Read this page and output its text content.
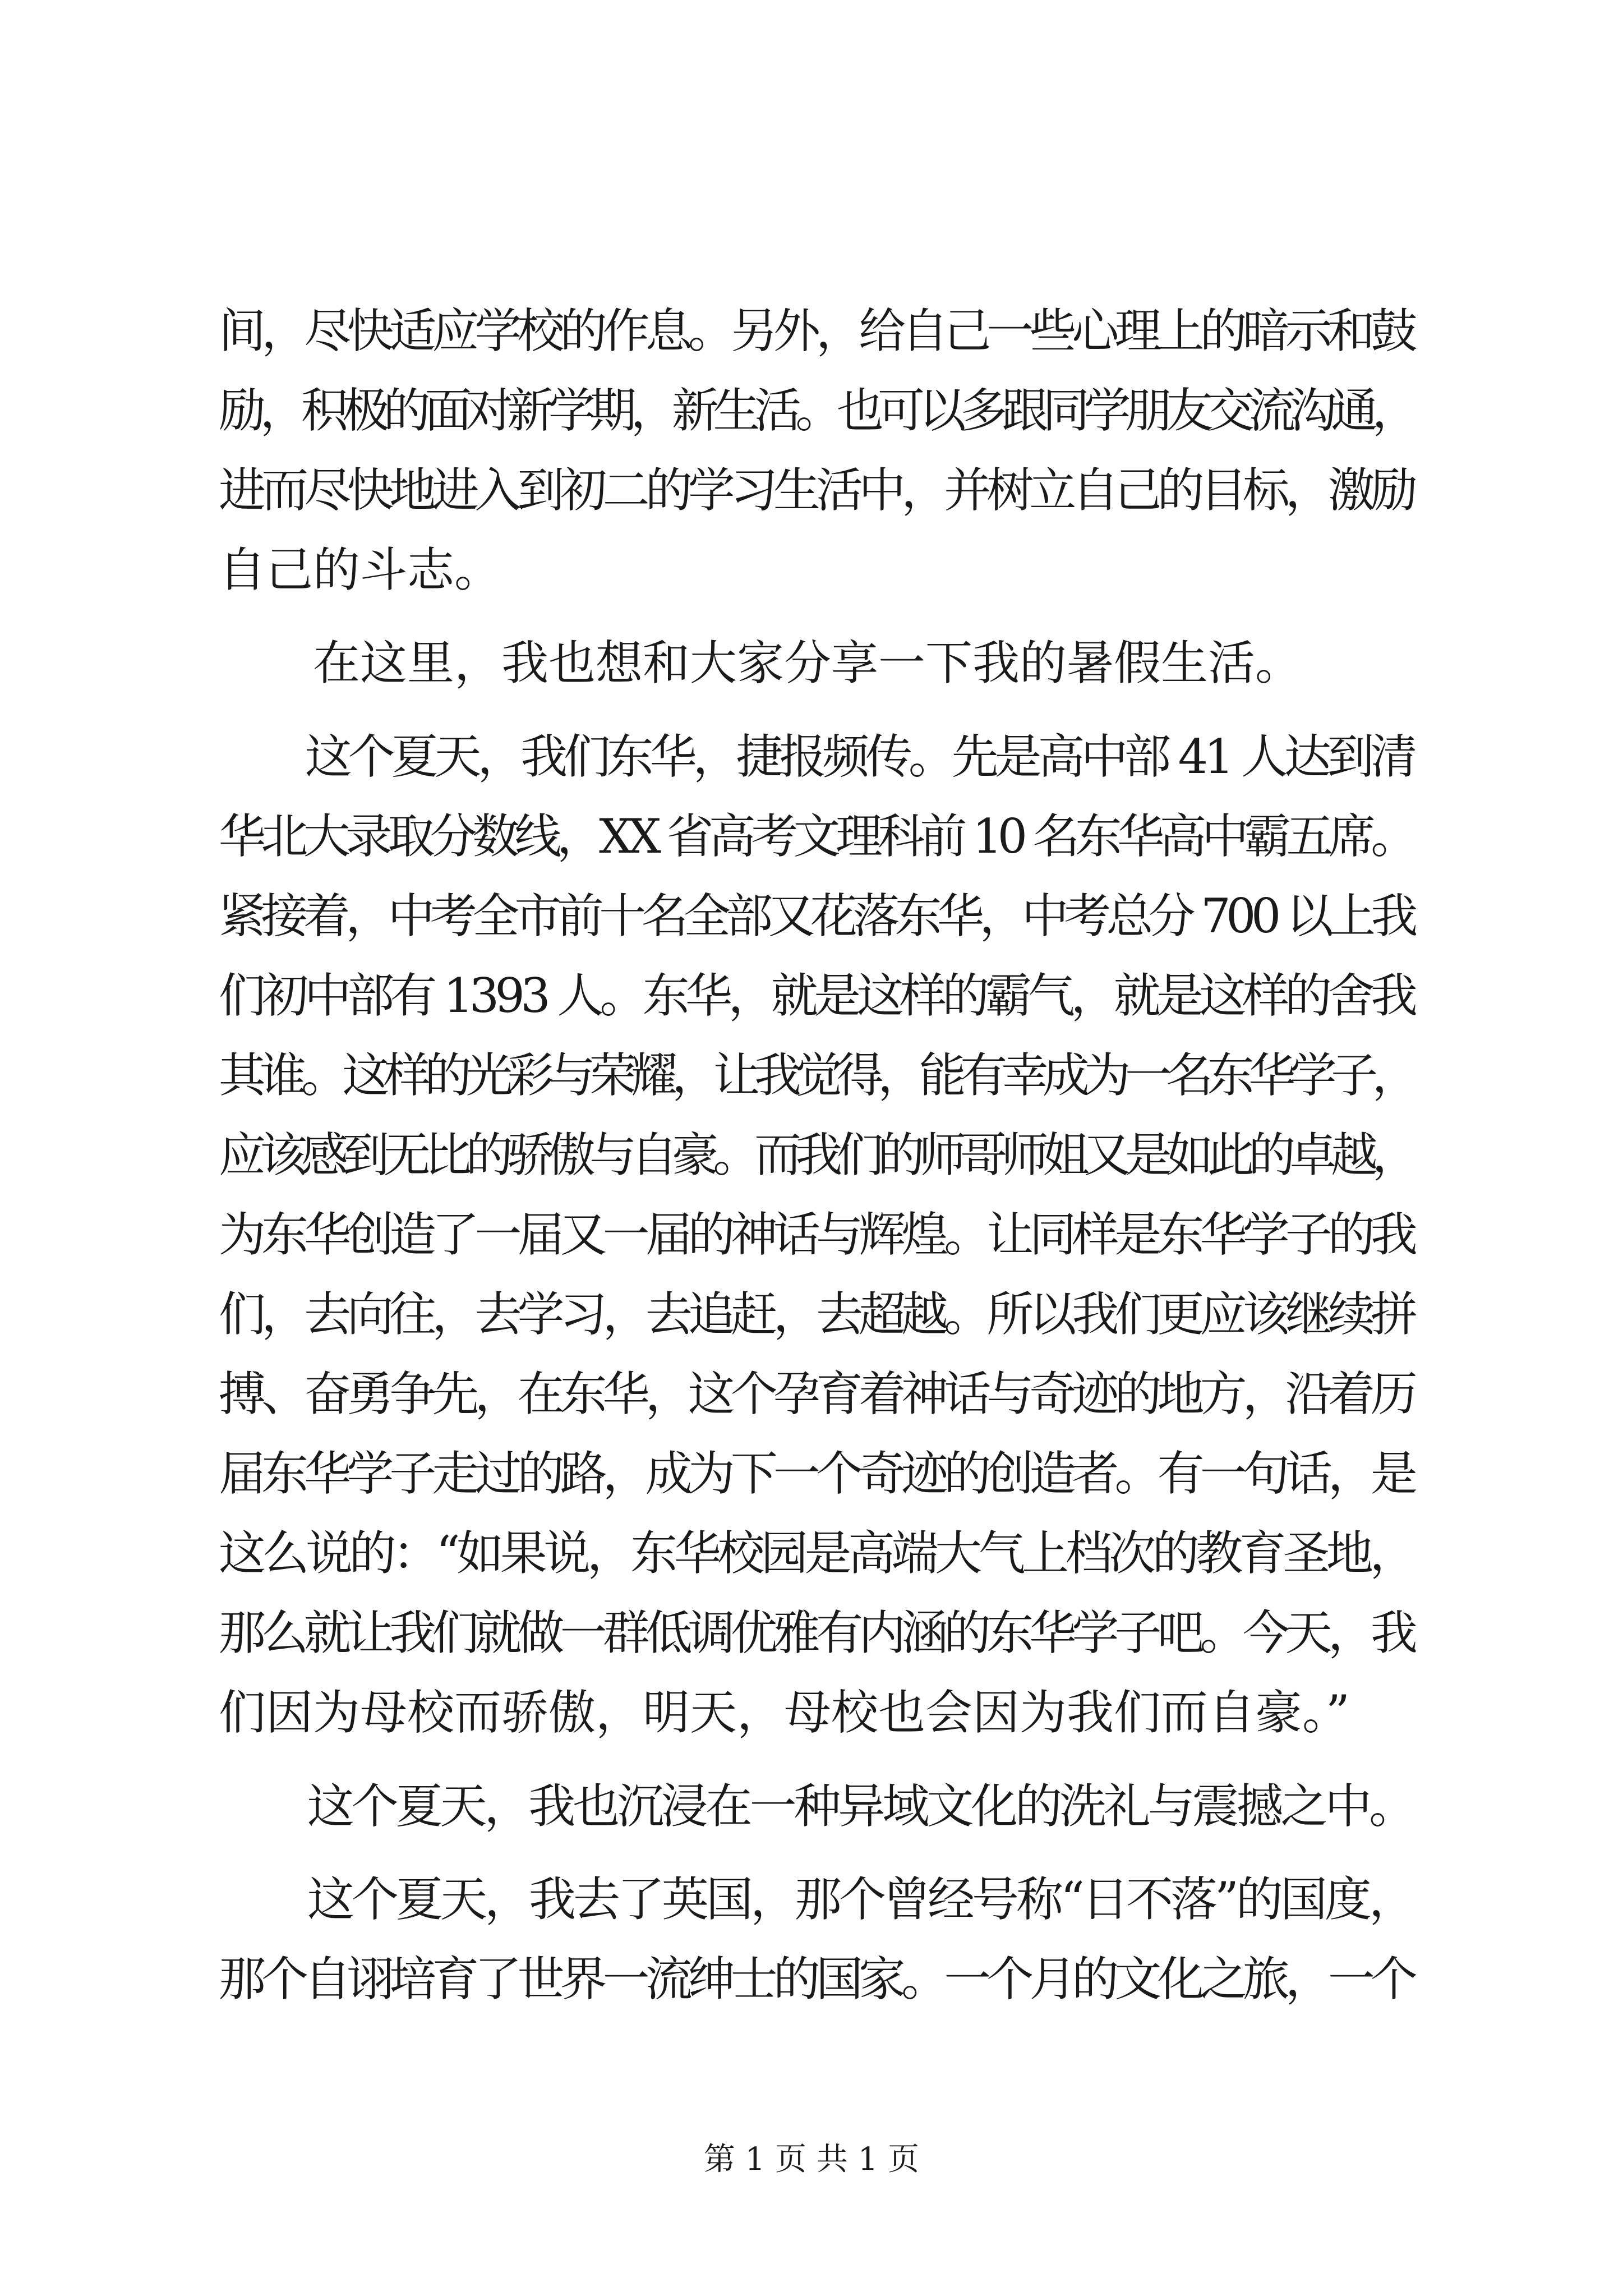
间，尽快适应学校的作息。另外，给自己一些心理上的暗示和鼓
励，积极的面对新学期，新生活。也可以多跟同学朋友交流沟通，
进而尽快地进入到初二的学习生活中，并树立自己的目标，激励
自己的斗志。
　　在这里，我也想和大家分享一下我的暑假生活。
　　这个夏天，我们东华，捷报频传。先是高中部 41 人达到清
华北大录取分数线，XX 省高考文理科前 10 名东华高中霸五席。
紧接着，中考全市前十名全部又花落东华，中考总分 700 以上我
们初中部有 1393 人。东华，就是这样的霸气，就是这样的舍我
其谁。这样的光彩与荣耀，让我觉得，能有幸成为一名东华学子，
应该感到无比的骄傲与自豪。而我们的师哥师姐又是如此的卓越，
为东华创造了一届又一届的神话与辉煌。让同样是东华学子的我
们，去向往，去学习，去追赶，去超越。所以我们更应该继续拼
搏、奋勇争先，在东华，这个孕育着神话与奇迹的地方，沿着历
届东华学子走过的路，成为下一个奇迹的创造者。有一句话，是
这么说的：“如果说，东华校园是高端大气上档次的教育圣地，
那么就让我们就做一群低调优雅有内涵的东华学子吧。今天，我
们因为母校而骄傲，明天，母校也会因为我们而自豪。”
　　这个夏天，我也沉浸在一种异域文化的洗礼与震撼之中。
　　这个夏天，我去了英国，那个曾经号称“日不落”的国度，
那个自诩培育了世界一流绅士的国家。一个月的文化之旅，一个
第 1 页 共 1 页
